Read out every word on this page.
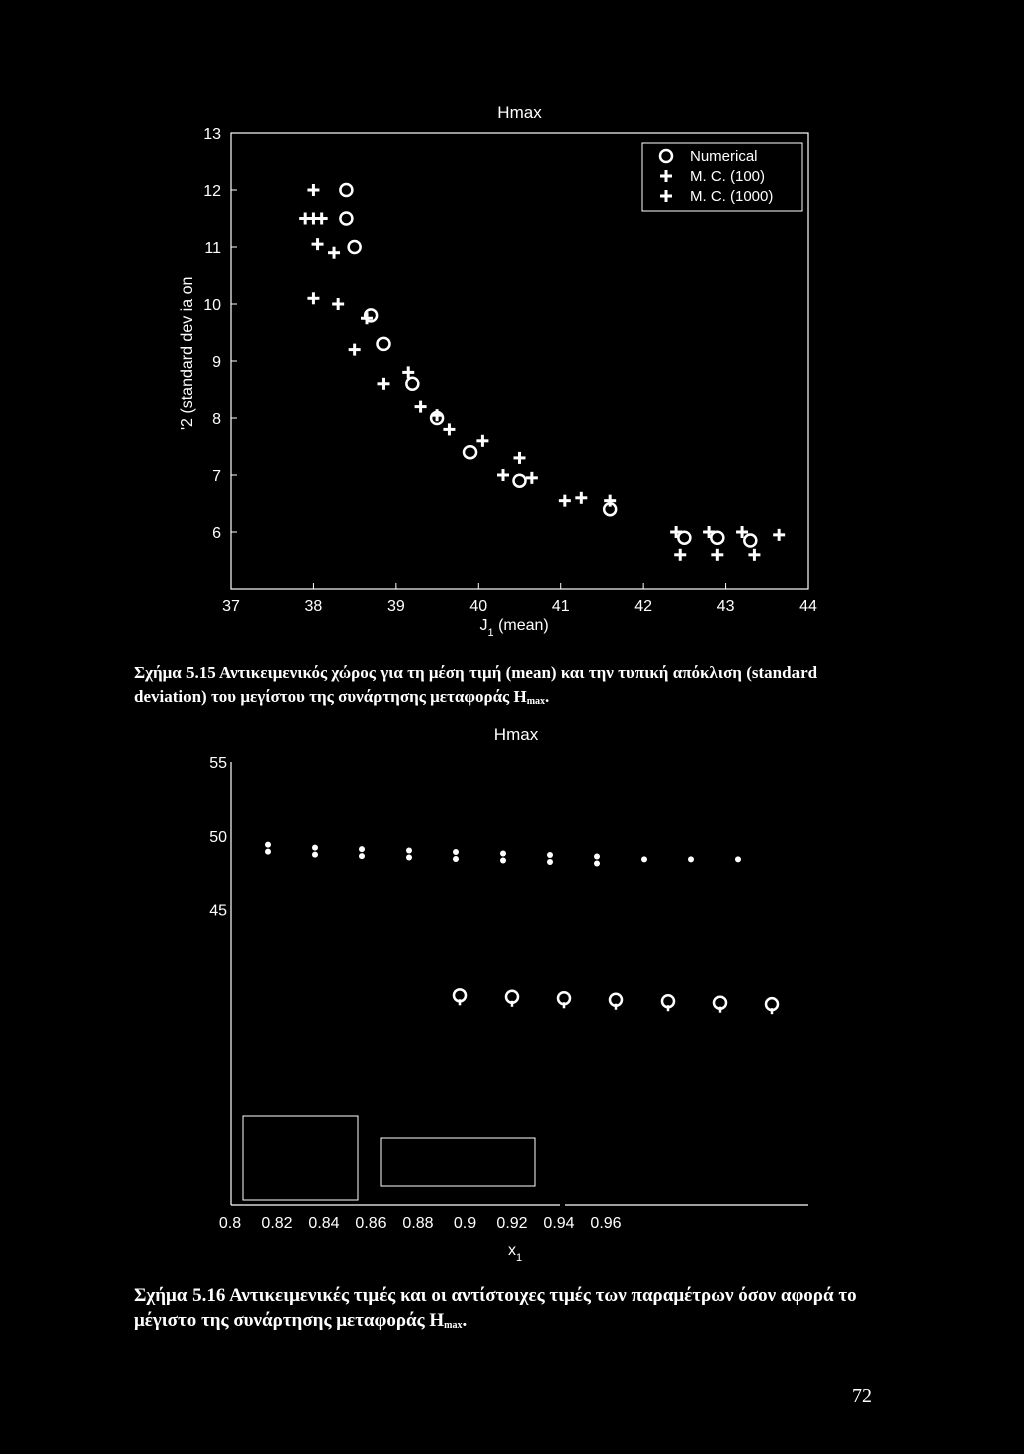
Hmax
37	38	39	40	41	42	43	44
6
7
8
9
10
11
12
13
$J_1$ (mean)
'2 (standard dev ia on
Numerical
M. C. (100)
M. C. (1000)
Hmax
45
50
55
0.8 0.82 0.84 0.86 0.88 0.9 0.92 0.94 0.96
$x_1$
Σχήμα 5.15 Αντικειμενικός χώρος για τη μέση τιμή (mean) και την τυπική απόκλιση (standard deviation) του μεγίστου της συνάρτησης μεταφοράς $H_{max}$.
Σχήμα 5.16 Αντικειμενικές τιμές και οι αντίστοιχες τιμές των παραμέτρων όσον αφορά το μέγιστο της συνάρτησης μεταφοράς $H_{max}$.
72
